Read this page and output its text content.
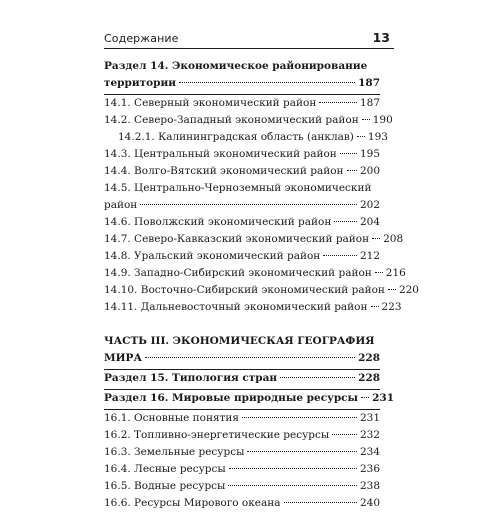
Содержание	13
Раздел 14. Экономическое районирование
территории	187
14.1. Северный экономический район	187
14.2. Северо-Западный экономический район 190
14.2.1. Калининградская область (анклав) 193
14.3. Центральный экономический район 195
14.4. Волго-Вятский экономический район 200
14.5. Центрально-Черноземный экономический
район	202
14.6. Поволжский экономический район	204
14.7. Северо-Кавказский экономический район 208
14.8. Уральский экономический район	212
14.9. Западно-Сибирский экономический район 216
14.10. Восточно-Сибирский экономический район 220
14.11. Дальневосточный экономический район 223
ЧАСТЬ III. ЭКОНОМИЧЕСКАЯ ГЕОГРАФИЯ
МИРА	228
Раздел 15. Типология стран	228
Раздел 16. Мировые природные ресурсы 231
16.1. Основные понятия	231
16.2. Топливно-энергетические ресурсы	232
16.3. Земельные ресурсы	234
16.4. Лесные ресурсы	236
16.5. Водные ресурсы	238
16.6. Ресурсы Мирового океана	240
